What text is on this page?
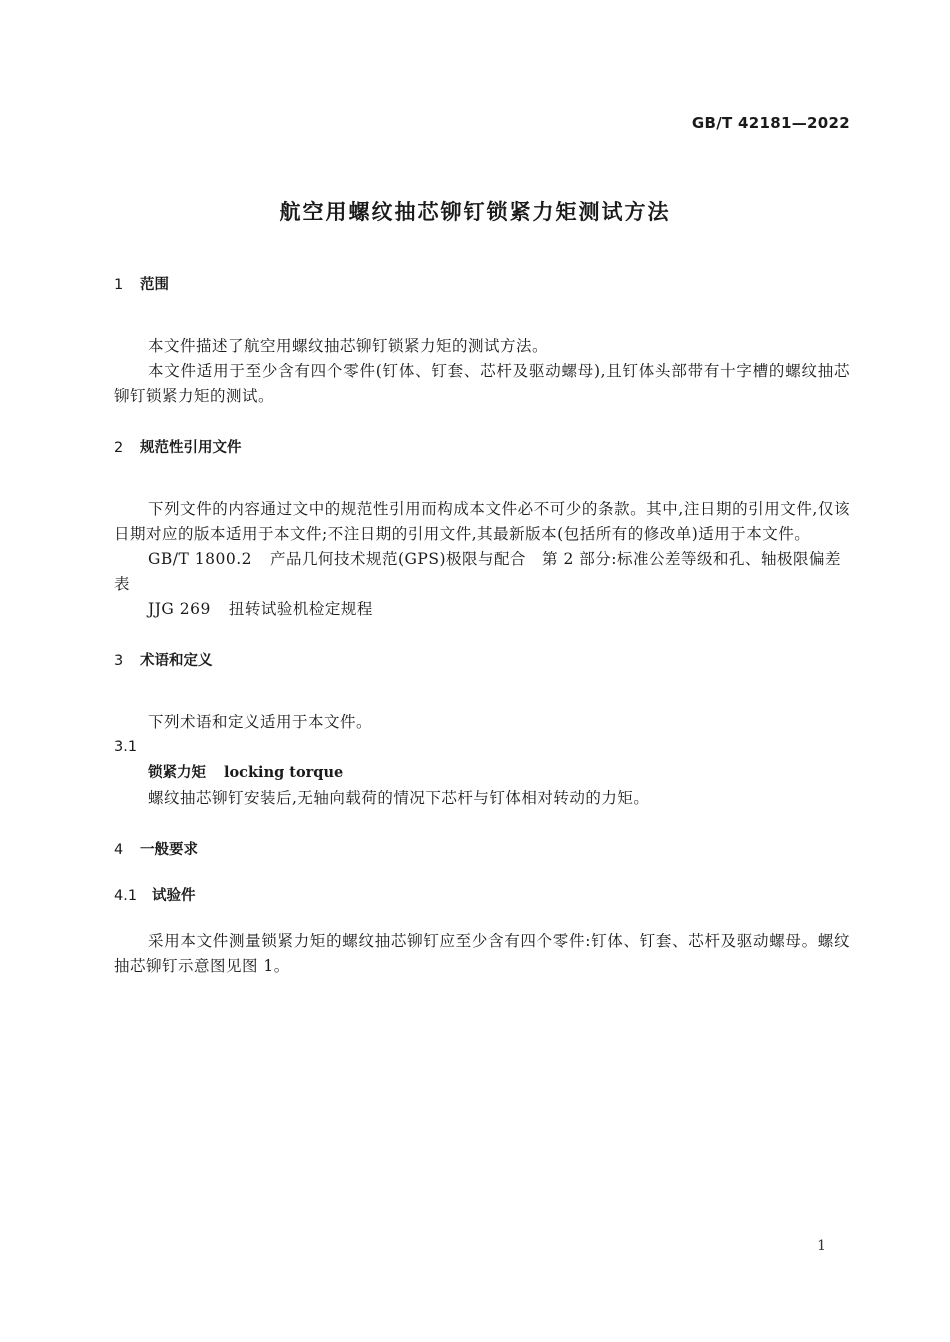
GB/T 42181—2022
航空用螺纹抽芯铆钉锁紧力矩测试方法
1 范围

本文件描述了航空用螺纹抽芯铆钉锁紧力矩的测试方法。

本文件适用于至少含有四个零件(钉体、钉套、芯杆及驱动螺母),且钉体头部带有十字槽的螺纹抽芯铆钉锁紧力矩的测试。

2 规范性引用文件

下列文件的内容通过文中的规范性引用而构成本文件必不可少的条款。其中,注日期的引用文件,仅该日期对应的版本适用于本文件;不注日期的引用文件,其最新版本(包括所有的修改单)适用于本文件。

GB/T 1800.2 产品几何技术规范(GPS)极限与配合　第 2 部分:标准公差等级和孔、轴极限偏差表

JJG 269 扭转试验机检定规程

3 术语和定义

下列术语和定义适用于本文件。

3.1
锁紧力矩 locking torque

螺纹抽芯铆钉安装后,无轴向载荷的情况下芯杆与钉体相对转动的力矩。

4 一般要求
4.1 试验件

采用本文件测量锁紧力矩的螺纹抽芯铆钉应至少含有四个零件:钉体、钉套、芯杆及驱动螺母。螺纹抽芯铆钉示意图见图 1。

1
